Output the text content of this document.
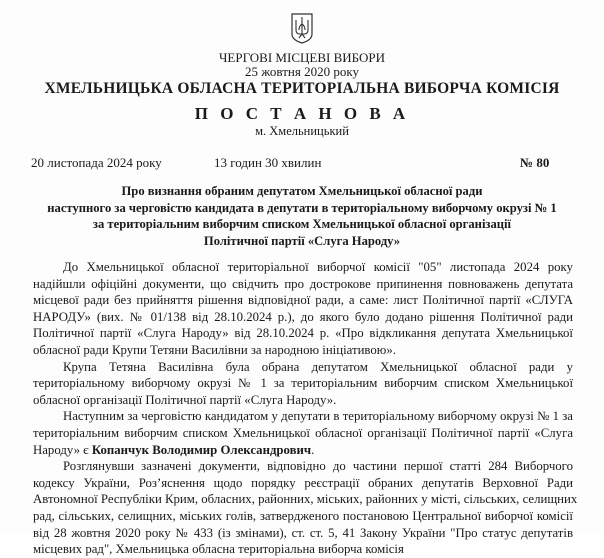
ЧЕРГОВІ МІСЦЕВІ ВИБОРИ
25 жовтня 2020 року
ХМЕЛЬНИЦЬКА ОБЛАСНА ТЕРИТОРІАЛЬНА ВИБОРЧА КОМІСІЯ
П О С Т А Н О В А
м. Хмельницький
20 листопада 2024 року	13 годин 30 хвилин	№ 80
Про визнання обраним депутатом Хмельницької обласної ради
наступного за черговістю кандидата в депутати в територіальному виборчому окрузі № 1
за територіальним виборчим списком Хмельницької обласної організації
Політичної партії «Слуга Народу»
До Хмельницької обласної територіальної виборчої комісії "05" листопада 2024 року
надійшли офіційні документи, що свідчить про дострокове припинення повноважень депутата
місцевої ради без прийняття рішення відповідної ради, а саме: лист Політичної партії «СЛУГА
НАРОДУ» (вих. № 01/138 від 28.10.2024 р.), до якого було додано рішення Політичної ради
Політичної партії «Слуга Народу» від 28.10.2024 р. «Про відкликання депутата Хмельницької
обласної ради Крупи Тетяни Василівни за народною ініціативою».
Крупа Тетяна Василівна була обрана депутатом Хмельницької обласної ради у
територіальному виборчому окрузі № 1 за територіальним виборчим списком Хмельницької
обласної організації Політичної партії «Слуга Народу».
Наступним за черговістю кандидатом у депутати в територіальному виборчому окрузі № 1 за
територіальним виборчим списком Хмельницької обласної організації Політичної партії «Слуга
Народу» є Копанчук Володимир Олександрович.
Розглянувши зазначені документи, відповідно до частини першої статті 284 Виборчого
кодексу України, Роз’яснення щодо порядку реєстрації обраних депутатів Верховної Ради
Автономної Республіки Крим, обласних, районних, міських, районних у місті, сільських, селищних
рад, сільських, селищних, міських голів, затвердженого постановою Центральної виборчої комісії
від 28 жовтня 2020 року № 433 (із змінами), ст. ст. 5, 41 Закону України "Про статус депутатів
місцевих рад", Хмельницька обласна територіальна виборча комісія
